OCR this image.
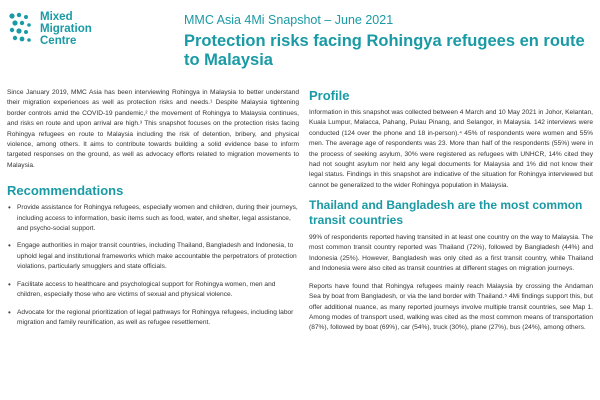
Mixed
Migration
Centre
MMC Asia 4Mi Snapshot – June 2021
Protection risks facing Rohingya refugees en route to Malaysia

Since January 2019, MMC Asia has been interviewing Rohingya in Malaysia to better understand their migration experiences as well as protection risks and needs.¹ Despite Malaysia tightening border controls amid the COVID-19 pandemic,² the movement of Rohingya to Malaysia continues, and risks en route and upon arrival are high.³ This snapshot focuses on the protection risks facing Rohingya refugees en route to Malaysia including the risk of detention, bribery, and physical violence, among others. It aims to contribute towards building a solid evidence base to inform targeted responses on the ground, as well as advocacy efforts related to migration movements to Malaysia.

Recommendations
• Provide assistance for Rohingya refugees, especially women and children, during their journeys, including access to information, basic items such as food, water, and shelter, legal assistance, and psycho-social support.
• Engage authorities in major transit countries, including Thailand, Bangladesh and Indonesia, to uphold legal and institutional frameworks which make accountable the perpetrators of protection violations, particularly smugglers and state officials.
• Facilitate access to healthcare and psychological support for Rohingya women, men and children, especially those who are victims of sexual and physical violence.
• Advocate for the regional prioritization of legal pathways for Rohingya refugees, including labor migration and family reunification, as well as refugee resettlement.
Profile

Information in this snapshot was collected between 4 March and 10 May 2021 in Johor, Kelantan, Kuala Lumpur, Malacca, Pahang, Pulau Pinang, and Selangor, in Malaysia. 142 interviews were conducted (124 over the phone and 18 in-person).⁴ 45% of respondents were women and 55% men. The average age of respondents was 23. More than half of the respondents (55%) were in the process of seeking asylum, 30% were registered as refugees with UNHCR, 14% cited they had not sought asylum nor held any legal documents for Malaysia and 1% did not know their legal status. Findings in this snapshot are indicative of the situation for Rohingya interviewed but cannot be generalized to the wider Rohingya population in Malaysia.

Thailand and Bangladesh are the most common transit countries

99% of respondents reported having transited in at least one country on the way to Malaysia. The most common transit country reported was Thailand (72%), followed by Bangladesh (44%) and Indonesia (25%). However, Bangladesh was only cited as a first transit country, while Thailand and Indonesia were also cited as transit countries at different stages on migration journeys.

Reports have found that Rohingya refugees mainly reach Malaysia by crossing the Andaman Sea by boat from Bangladesh, or via the land border with Thailand.⁵ 4Mi findings support this, but offer additional nuance, as many reported journeys involve multiple transit countries, see Map 1. Among modes of transport used, walking was cited as the most common means of transportation (87%), followed by boat (69%), car (54%), truck (30%), plane (27%), bus (24%), among others.
